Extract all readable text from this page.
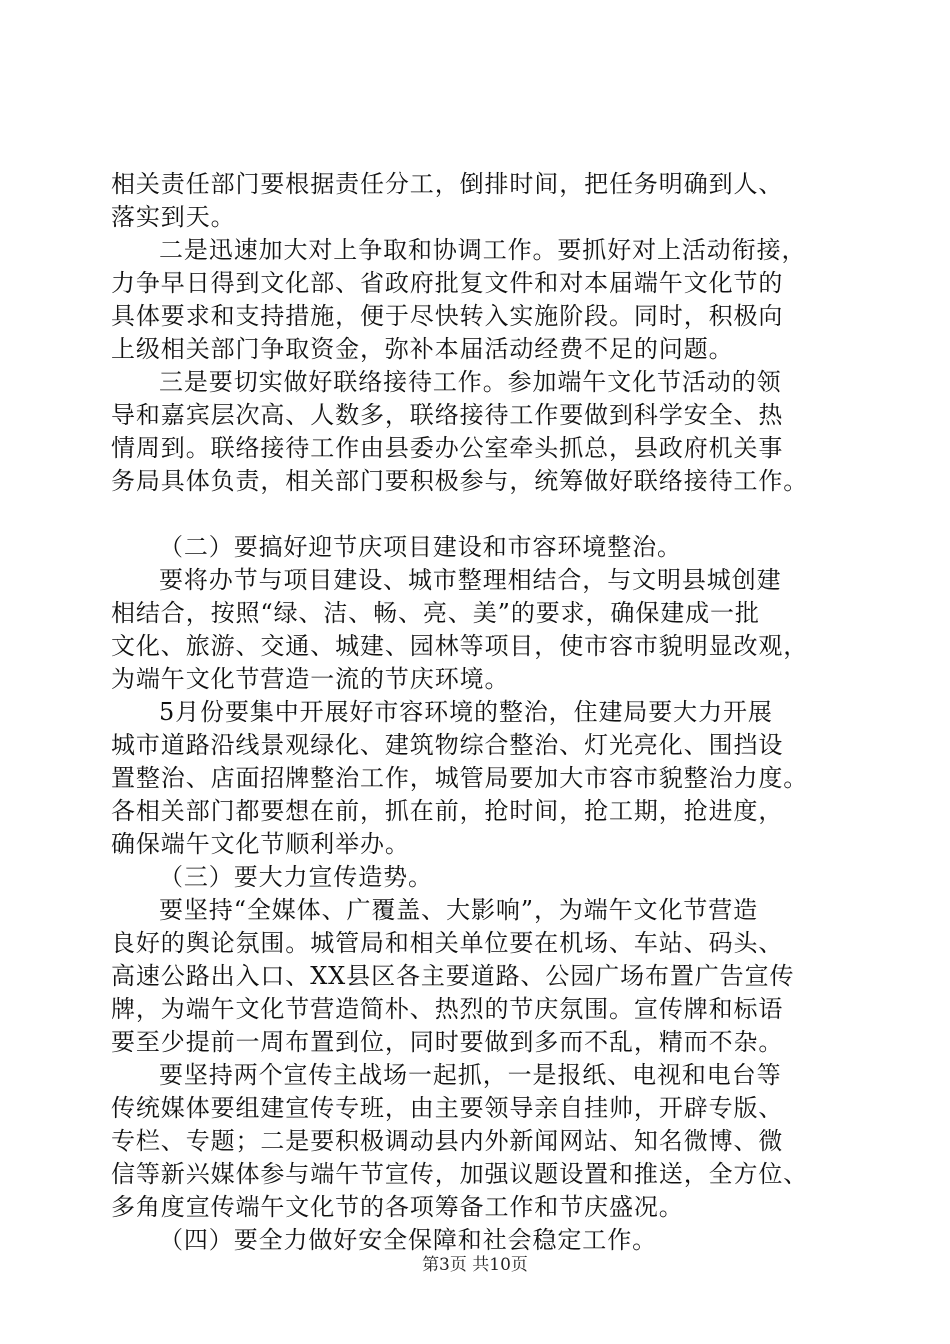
相关责任部门要根据责任分工，倒排时间，把任务明确到人、
落实到天。
二是迅速加大对上争取和协调工作。要抓好对上活动衔接，
力争早日得到文化部、省政府批复文件和对本届端午文化节的
具体要求和支持措施，便于尽快转入实施阶段。同时，积极向
上级相关部门争取资金，弥补本届活动经费不足的问题。
三是要切实做好联络接待工作。参加端午文化节活动的领
导和嘉宾层次高、人数多，联络接待工作要做到科学安全、热
情周到。联络接待工作由县委办公室牵头抓总，县政府机关事
务局具体负责，相关部门要积极参与，统筹做好联络接待工作。
（二）要搞好迎节庆项目建设和市容环境整治。
要将办节与项目建设、城市整理相结合，与文明县城创建
相结合，按照“绿、洁、畅、亮、美”的要求，确保建成一批
文化、旅游、交通、城建、园林等项目，使市容市貌明显改观，
为端午文化节营造一流的节庆环境。
5月份要集中开展好市容环境的整治，住建局要大力开展
城市道路沿线景观绿化、建筑物综合整治、灯光亮化、围挡设
置整治、店面招牌整治工作，城管局要加大市容市貌整治力度。
各相关部门都要想在前，抓在前，抢时间，抢工期，抢进度，
确保端午文化节顺利举办。
（三）要大力宣传造势。
要坚持“全媒体、广覆盖、大影响”，为端午文化节营造
良好的舆论氛围。城管局和相关单位要在机场、车站、码头、
高速公路出入口、XX县区各主要道路、公园广场布置广告宣传
牌，为端午文化节营造简朴、热烈的节庆氛围。宣传牌和标语
要至少提前一周布置到位，同时要做到多而不乱，精而不杂。
要坚持两个宣传主战场一起抓，一是报纸、电视和电台等
传统媒体要组建宣传专班，由主要领导亲自挂帅，开辟专版、
专栏、专题；二是要积极调动县内外新闻网站、知名微博、微
信等新兴媒体参与端午节宣传，加强议题设置和推送，全方位、
多角度宣传端午文化节的各项筹备工作和节庆盛况。
（四）要全力做好安全保障和社会稳定工作。
第3页 共10页
